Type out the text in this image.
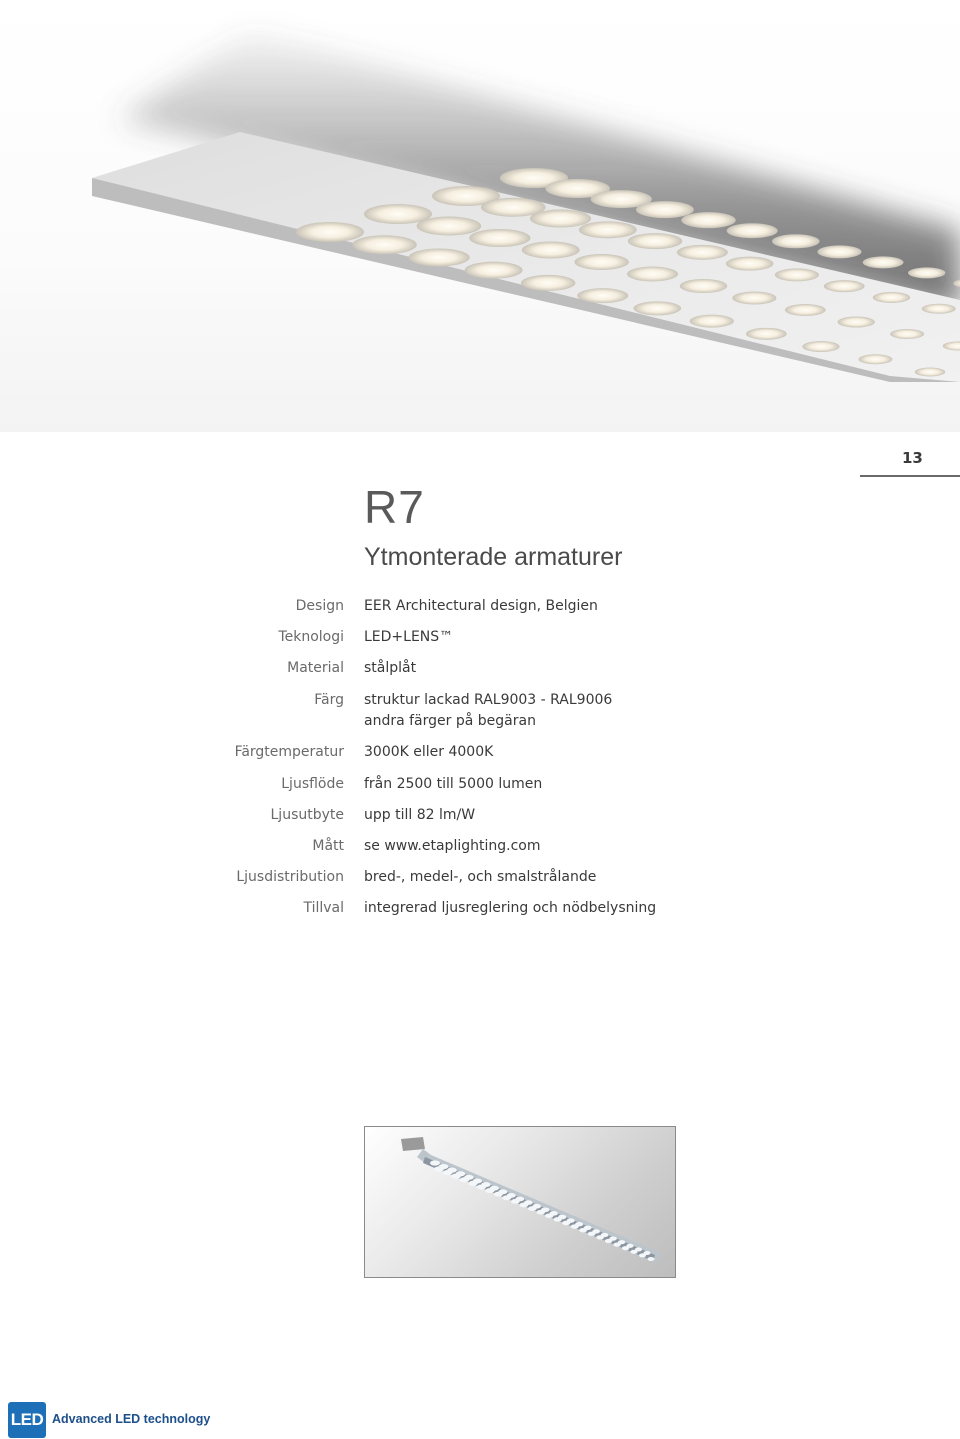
13
R7
Ytmonterade armaturer
Design EER Architectural design, Belgien
Teknologi LED+LENS™
Material stålplåt
Färg struktur lackad RAL9003 - RAL9006
andra färger på begäran
Färgtemperatur 3000K eller 4000K
Ljusflöde från 2500 till 5000 lumen
Ljusutbyte upp till 82 lm/W
Mått se www.etaplighting.com
Ljusdistribution bred-, medel-, och smalstrålande
Tillval integrerad ljusreglering och nödbelysning
LED Advanced LED technology
